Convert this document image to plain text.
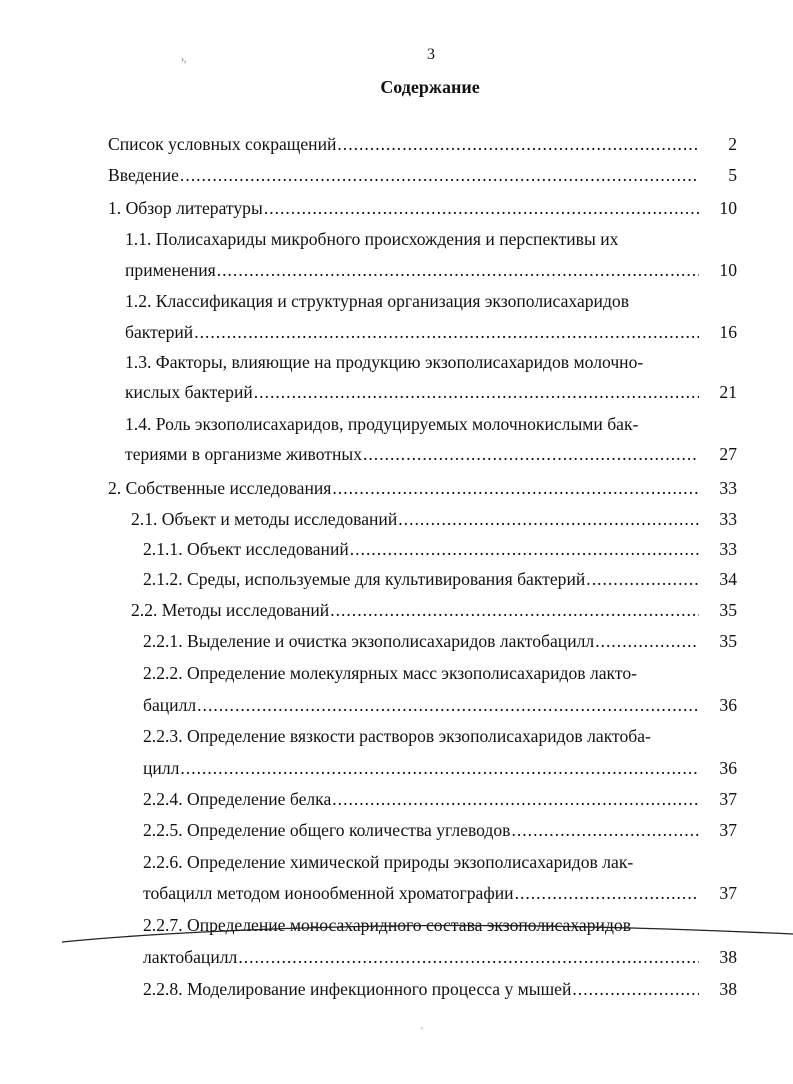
3
›,
Содержание
Список условных сокращений .....	2
Введение .....	5
1. Обзор литературы .....	10
1.1. Полисахариды микробного происхождения и перспективы их
применения .....	10
1.2. Классификация и структурная организация экзополисахаридов
бактерий .....	16
1.3. Факторы, влияющие на продукцию экзополисахаридов молочно-
кислых бактерий .....	21
1.4. Роль экзополисахаридов, продуцируемых молочнокислыми бак-
териями в организме животных .....	27
2. Собственные исследования .....	33
2.1. Объект и методы исследований .....	33
2.1.1. Объект исследований .....	33
2.1.2. Среды, используемые для культивирования бактерий .....	34
2.2. Методы исследований .....	35
2.2.1. Выделение и очистка экзополисахаридов лактобацилл .....	35
2.2.2. Определение молекулярных масс экзополисахаридов лакто-
бацилл .....	36
2.2.3. Определение вязкости растворов экзополисахаридов лактоба-
цилл .....	36
2.2.4. Определение белка .....	37
2.2.5. Определение общего количества углеводов .....	37
2.2.6. Определение химической природы экзополисахаридов лак-
тобацилл методом ионообменной хроматографии .....	37
2.2.7. Определение моносахаридного состава экзополисахаридов
лактобацилл .....	38
2.2.8. Моделирование инфекционного процесса у мышей .....	38
ᶜ
